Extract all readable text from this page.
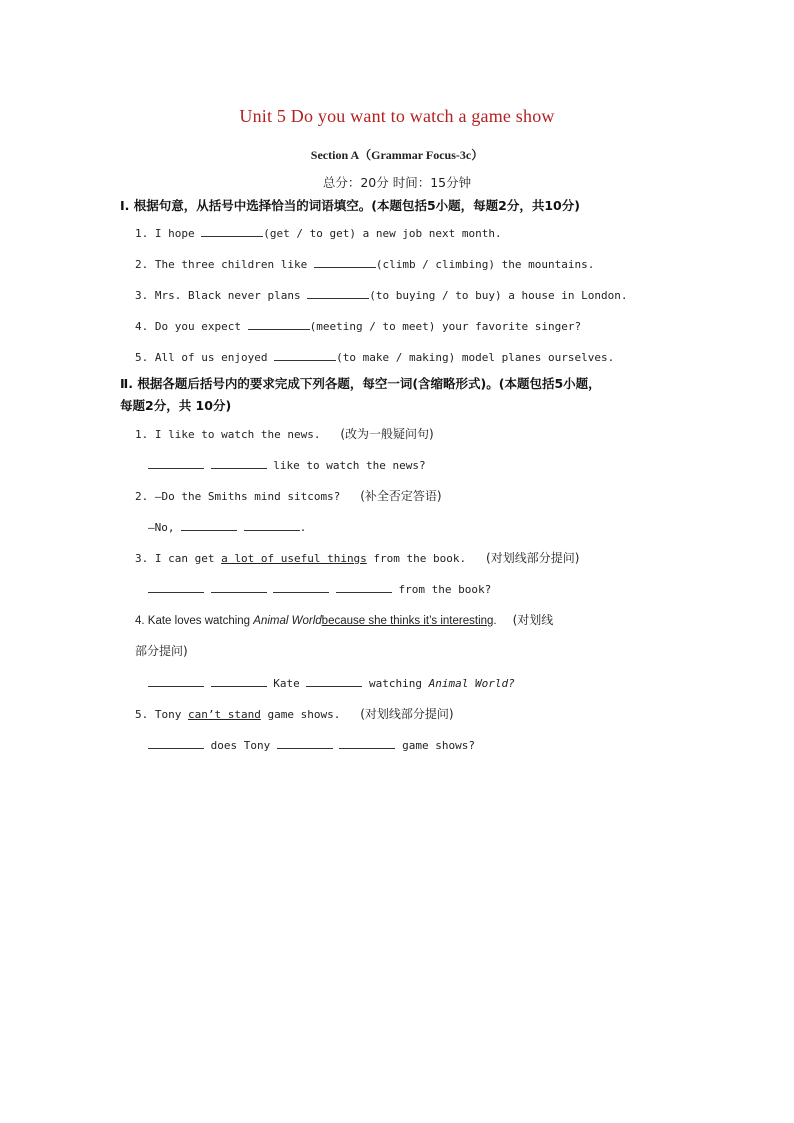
Unit 5 Do you want to watch a game show
Section A（Grammar Focus-3c）
总分：20分 时间：15分钟
Ⅰ. 根据句意，从括号中选择恰当的词语填空。(本题包括5小题，每题2分，共10分)
1. I hope	(get / to get) a new job next month.
2. The three children like	(climb / climbing) the mountains.
3. Mrs. Black never plans	(to buying / to buy) a house in London.
4. Do you expect	(meeting / to meet) your favorite singer?
5. All of us enjoyed	(to make / making) model planes ourselves.
Ⅱ. 根据各题后括号内的要求完成下列各题，每空一词(含缩略形式)。(本题包括5小题，
每题2分，共 10分)
1. I like to watch the news. (改为一般疑问句)
like to watch the news?
2. —Do the Smiths mind sitcoms? (补全否定答语)
—No,	.
3. I can get a lot of useful things from the book. (对划线部分提问)
from the book?
4. Kate loves watching Animal Worldbecause she thinks it’s interesting. (对划线
部分提问)
Kate	watching Animal World?
5. Tony can’t stand game shows. (对划线部分提问)
does Tony	game shows?
